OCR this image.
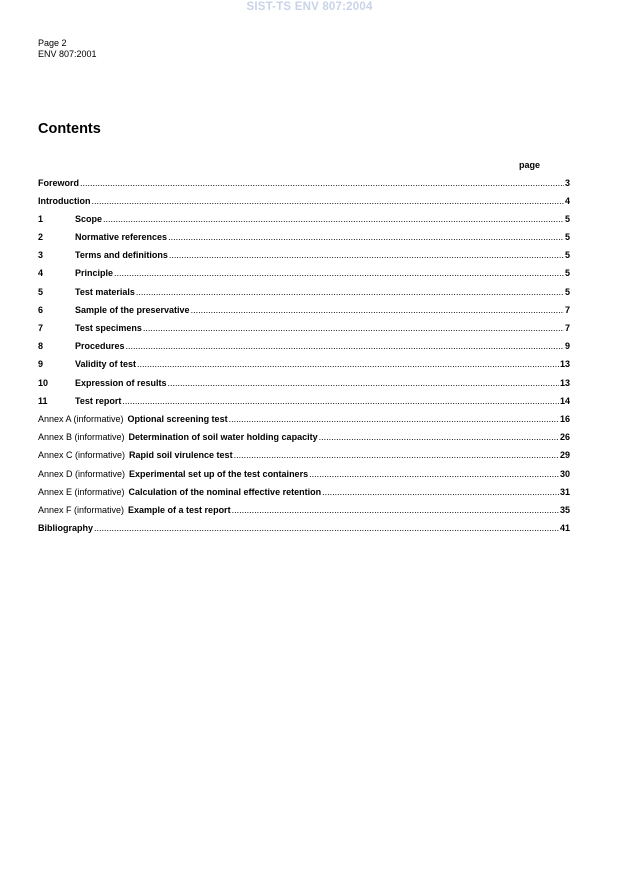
SIST-TS ENV 807:2004
Page 2
ENV 807:2001
Contents
page
Foreword .....	3
Introduction .....	4
1	Scope .....	5
2	Normative references .....	5
3	Terms and definitions .....	5
4	Principle .....	5
5	Test materials .....	5
6	Sample of the preservative .....	7
7	Test specimens .....	7
8	Procedures .....	9
9	Validity of test .....	13
10	Expression of results .....	13
11	Test report .....	14
Annex A (informative) Optional screening test .....	16
Annex B (informative) Determination of soil water holding capacity .....	26
Annex C (informative) Rapid soil virulence test .....	29
Annex D (informative) Experimental set up of the test containers .....	30
Annex E (informative) Calculation of the nominal effective retention .....	31
Annex F (informative) Example of a test report .....	35
Bibliography .....	41
